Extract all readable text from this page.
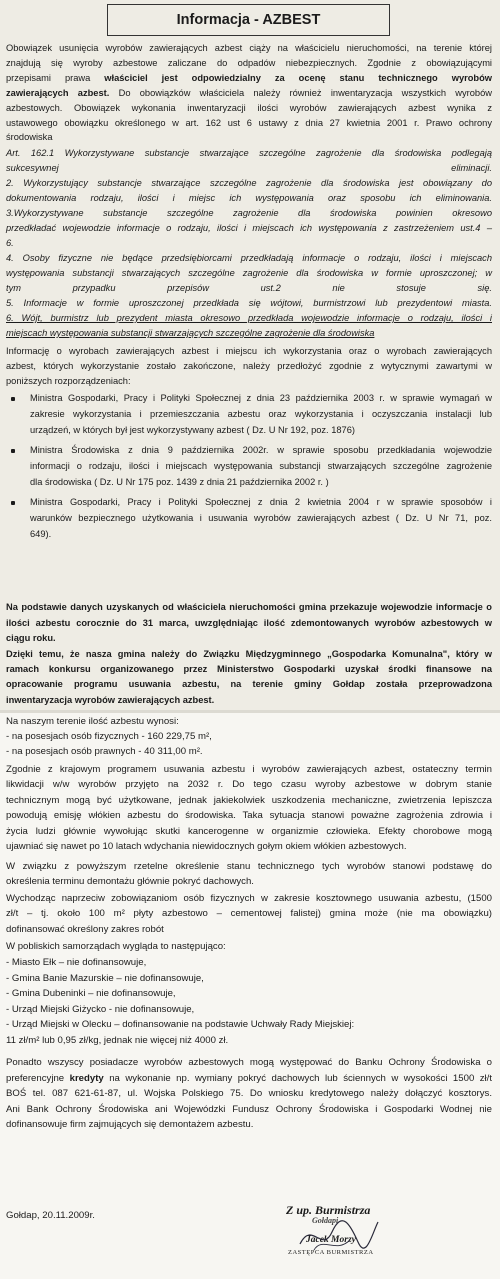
Informacja - AZBEST
Obowiązek usunięcia wyrobów zawierających azbest ciąży na właścicielu nieruchomości, na terenie której
znajdują się wyroby azbestowe zaliczane do odpadów niebezpiecznych. Zgodnie z obowiązującymi
przepisami prawa właściciel jest odpowiedzialny za ocenę stanu technicznego wyrobów
zawierających azbest. Do obowiązków właściciela należy również inwentaryzacja wszystkich wyrobów
azbestowych. Obowiązek wykonania inwentaryzacji ilości wyrobów zawierających azbest wynika z
ustawowego obowiązku określonego w art. 162 ust 6 ustawy z dnia 27 kwietnia 2001 r. Prawo ochrony
środowiska
Art. 162.1 Wykorzystywane substancje stwarzające szczególne zagrożenie dla środowiska podlegają
sukcesywnej eliminacji.
2. Wykorzystujący substancje stwarzające szczególne zagrożenie dla środowiska jest obowiązany do
dokumentowania rodzaju, ilości i miejsc ich występowania oraz sposobu ich eliminowania.
3.Wykorzystywane substancje szczególne zagrożenie dla środowiska powinien okresowo
przedkładać wojewodzie informacje o rodzaju, ilości i miejscach ich występowania z zastrzeżeniem ust.4 –
6.
4. Osoby fizyczne nie będące przedsiębiorcami przedkładają informacje o rodzaju, ilości i miejscach
występowania substancji stwarzających szczególne zagrożenie dla środowiska w formie uproszczonej; w
tym przypadku przepisów ust.2 nie stosuje się.
5. Informacje w formie uproszczonej przedkłada się wójtowi, burmistrzowi lub prezydentowi miasta.
6. Wójt, burmistrz lub prezydent miasta okresowo przedkłada wojewodzie informacje o rodzaju, ilości i
miejscach występowania substancji stwarzających szczególne zagrożenie dla środowiska
Informację o wyrobach zawierających azbest i miejscu ich wykorzystania oraz o wyrobach zawierających
azbest, których wykorzystanie zostało zakończone, należy przedłożyć zgodnie z wytycznymi zawartymi w
poniższych rozporządzeniach:
Ministra Gospodarki, Pracy i Polityki Społecznej z dnia 23 października 2003 r. w sprawie wymagań w
zakresie wykorzystania i przemieszczania azbestu oraz wykorzystania i oczyszczania instalacji lub
urządzeń, w których był jest wykorzystywany azbest ( Dz. U Nr 192, poz. 1876)
Ministra Środowiska z dnia 9 października 2002r. w sprawie sposobu przedkładania wojewodzie
informacji o rodzaju, ilości i miejscach występowania substancji stwarzających szczególne zagrożenie
dla środowiska ( Dz. U Nr 175 poz. 1439 z dnia 21 października 2002 r. )
Ministra Gospodarki, Pracy i Polityki Społecznej z dnia 2 kwietnia 2004 r w sprawie sposobów i
warunków bezpiecznego użytkowania i usuwania wyrobów zawierających azbest ( Dz. U Nr 71, poz.
649).
Na podstawie danych uzyskanych od właściciela nieruchomości gmina przekazuje wojewodzie informacje o
ilości azbestu corocznie do 31 marca, uwzględniając ilość zdemontowanych wyrobów azbestowych w
ciągu roku.
Dzięki temu, że nasza gmina należy do Związku Międzygminnego „Gospodarka Komunalna", który w
ramach konkursu organizowanego przez Ministerstwo Gospodarki uzyskał środki finansowe na
opracowanie programu usuwania azbestu, na terenie gminy Gołdap została przeprowadzona
inwentaryzacja wyrobów zawierających azbest.
Na naszym terenie ilość azbestu wynosi:
- na posesjach osób fizycznych - 160 229,75 m²,
- na posesjach osób prawnych - 40 311,00 m².
Zgodnie z krajowym programem usuwania azbestu i wyrobów zawierających azbest, ostateczny termin
likwidacji w/w wyrobów przyjęto na 2032 r. Do tego czasu wyroby azbestowe w dobrym stanie
technicznym mogą być użytkowane, jednak jakiekolwiek uszkodzenia mechaniczne, zwietrzenia lepiszcza
powodują emisję włókien azbestu do środowiska. Taka sytuacja stanowi poważne zagrożenia zdrowia i
życia ludzi głównie wywołując skutki kancerogenne w organizmie człowieka. Efekty chorobowe mogą
ujawniać się nawet po 10 latach wdychania niewidocznych gołym okiem włókien azbestowych.
W związku z powyższym rzetelne określenie stanu technicznego tych wyrobów stanowi podstawę do
określenia terminu demontażu głównie pokryć dachowych.
Wychodząc naprzeciw zobowiązaniom osób fizycznych w zakresie kosztownego usuwania azbestu, (1500
zł/t – tj. około 100 m² płyty azbestowo – cementowej falistej) gmina może (nie ma obowiązku)
dofinansować określony zakres robót
W pobliskich samorządach wygląda to następująco:
- Miasto Ełk – nie dofinansowuje,
- Gmina Banie Mazurskie – nie dofinansowuje,
- Gmina Dubeninki – nie dofinansowuje,
- Urząd Miejski Giżycko - nie dofinansowuje,
- Urząd Miejski w Olecku – dofinansowanie na podstawie Uchwały Rady Miejskiej:
11 zł/m² lub 0,95 zł/kg, jednak nie więcej niż 4000 zł.
Ponadto wszyscy posiadacze wyrobów azbestowych mogą występować do Banku Ochrony Środowiska o
preferencyjne kredyty na wykonanie np. wymiany pokryć dachowych lub ściennych w wysokości 1500 zł/t
BOŚ tel. 087 621-61-87, ul. Wojska Polskiego 75. Do wniosku kredytowego należy dołączyć kosztorys.
Ani Bank Ochrony Środowiska ani Wojewódzki Fundusz Ochrony Środowiska i Gospodarki Wodnej nie
dofinansowuje firm zajmujących się demontażem azbestu.
Gołdap, 20.11.2009r.	Z up. Burmistrza
Gołdapi
Jacek Morzy
ZASTĘPCA BURMISTRZA
